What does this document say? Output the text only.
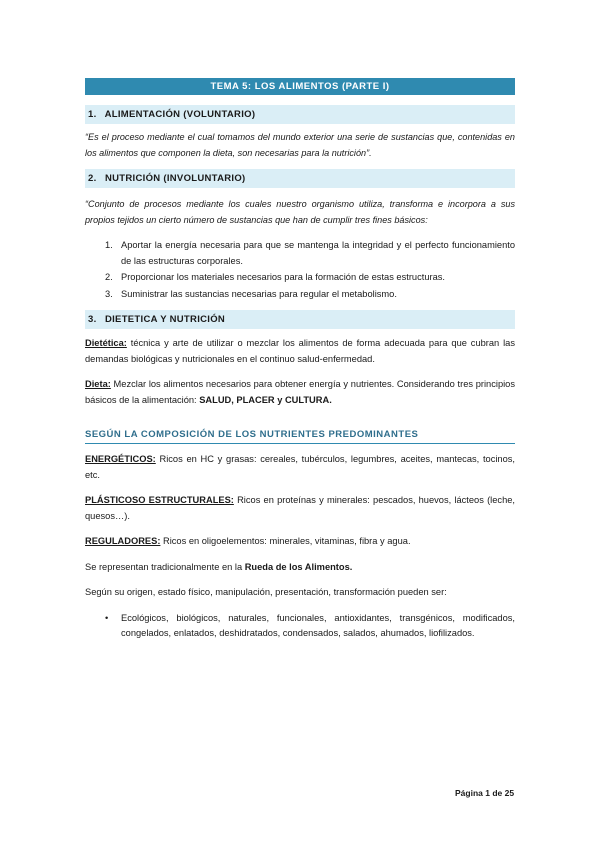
TEMA 5: LOS ALIMENTOS (PARTE I)
1. ALIMENTACIÓN (VOLUNTARIO)

“Es el proceso mediante el cual tomamos del mundo exterior una serie de sustancias que, contenidas en los alimentos que componen la dieta, son necesarias para la nutrición”.

2. NUTRICIÓN (INVOLUNTARIO)

“Conjunto de procesos mediante los cuales nuestro organismo utiliza, transforma e incorpora a sus propios tejidos un cierto número de sustancias que han de cumplir tres fines básicos:

1. Aportar la energía necesaria para que se mantenga la integridad y el perfecto funcionamiento de las estructuras corporales.
2. Proporcionar los materiales necesarios para la formación de estas estructuras.
3. Suministrar las sustancias necesarias para regular el metabolismo.
3. DIETETICA Y NUTRICIÓN

Dietética: técnica y arte de utilizar o mezclar los alimentos de forma adecuada para que cubran las demandas biológicas y nutricionales en el continuo salud-enfermedad.

Dieta: Mezclar los alimentos necesarios para obtener energía y nutrientes. Considerando tres principios básicos de la alimentación: SALUD, PLACER y CULTURA.

SEGÚN LA COMPOSICIÓN DE LOS NUTRIENTES PREDOMINANTES

ENERGÉTICOS: Ricos en HC y grasas: cereales, tubérculos, legumbres, aceites, mantecas, tocinos, etc.

PLÁSTICOSO ESTRUCTURALES: Ricos en proteínas y minerales: pescados, huevos, lácteos (leche, quesos…).

REGULADORES: Ricos en oligoelementos: minerales, vitaminas, fibra y agua.

Se representan tradicionalmente en la Rueda de los Alimentos.

Según su origen, estado físico, manipulación, presentación, transformación pueden ser:

• Ecológicos, biológicos, naturales, funcionales, antioxidantes, transgénicos, modificados, congelados, enlatados, deshidratados, condensados, salados, ahumados, liofilizados.
Página 1 de 25
